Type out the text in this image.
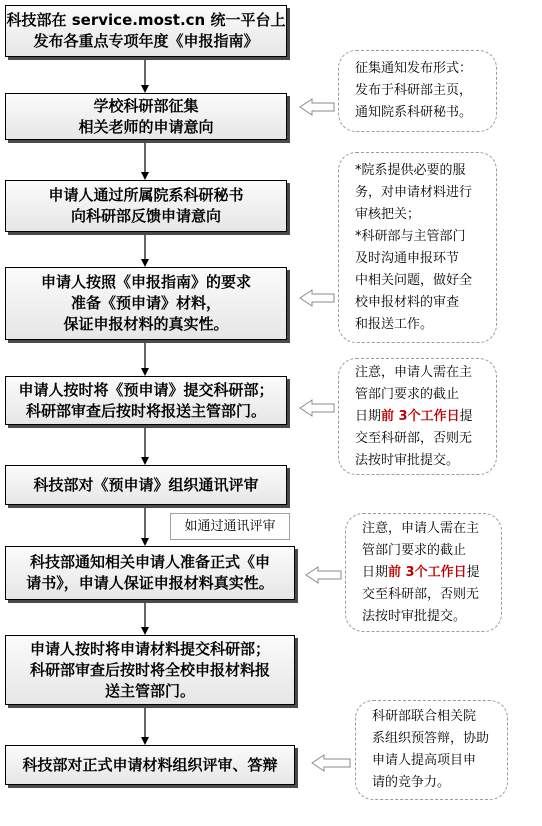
科技部在 service.most.cn 统一平台上
发布各重点专项年度《申报指南》
学校科研部征集
相关老师的申请意向
申请人通过所属院系科研秘书
向科研部反馈申请意向
申请人按照《申报指南》的要求
准备《预申请》材料，
保证申报材料的真实性。
申请人按时将《预申请》提交科研部；
科研部审查后按时将报送主管部门。
科技部对《预申请》组织通讯评审
如通过通讯评审
科技部通知相关申请人准备正式《申
请书》，申请人保证申报材料真实性。
申请人按时将申请材料提交科研部；
科研部审查后按时将全校申报材料报
送主管部门。
科技部对正式申请材料组织评审、答辩
征集通知发布形式：
发布于科研部主页，
通知院系科研秘书。
*院系提供必要的服
务，对申请材料进行
审核把关；
*科研部与主管部门
及时沟通申报环节
中相关问题，做好全
校申报材料的审查
和报送工作。
注意，申请人需在主
管部门要求的截止
日期前 3个工作日提
交至科研部，否则无
法按时审批提交。
注意，申请人需在主
管部门要求的截止
日期前 3个工作日提
交至科研部，否则无
法按时审批提交。
科研部联合相关院
系组织预答辩，协助
申请人提高项目申
请的竞争力。
